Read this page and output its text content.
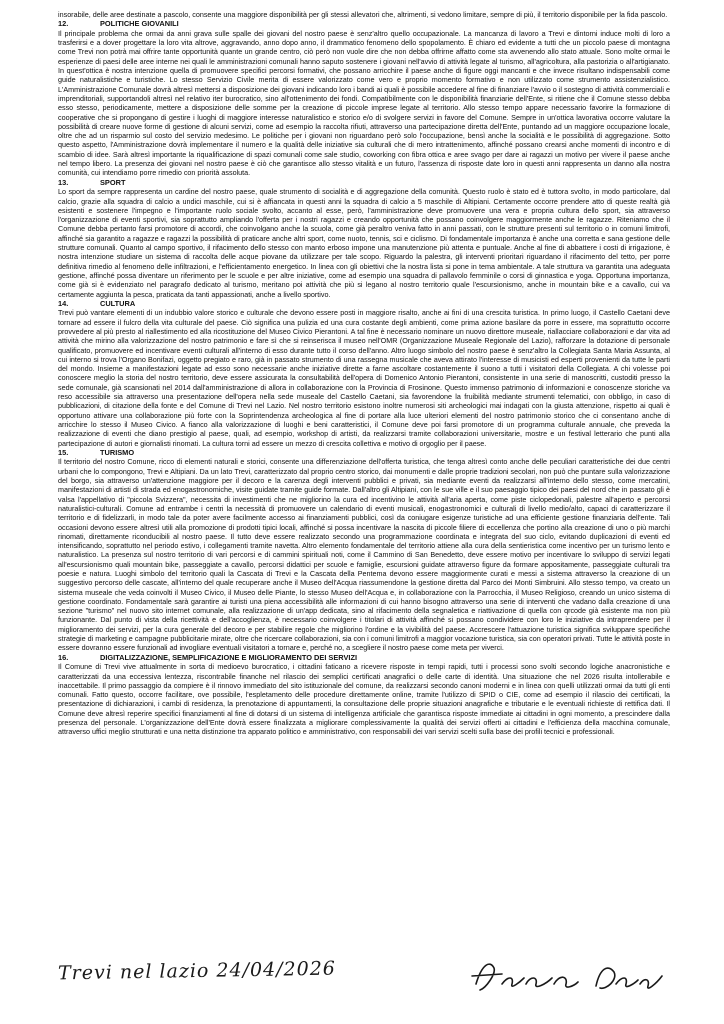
insorabile, delle aree destinate a pascolo, consente una maggiore disponibilità per gli stessi allevatori che, altrimenti, si vedono limitare, sempre di più, il territorio disponibile per la fida pascolo.

12.	POLITICHE GIOVANILI

Il principale problema che ormai da anni grava sulle spalle dei giovani del nostro paese è senz'altro quello occupazionale. La mancanza di lavoro a Trevi e dintorni induce molti di loro a trasferirsi e a dover progettare la loro vita altrove, aggravando, anno dopo anno, il drammatico fenomeno dello spopolamento. È chiaro ed evidente a tutti che un piccolo paese di montagna come Trevi non potrà mai offrire tante opportunità quante un grande centro, ciò però non vuole dire che non debba offrirne affatto come sta avvenendo allo stato attuale. Sono molte ormai le esperienze di paesi delle aree interne nei quali le amministrazioni comunali hanno saputo sostenere i giovani nell'avvio di attività legate al turismo, all'agricoltura, alla pastorizia o all'artigianato. In quest'ottica è nostra intenzione quella di promuovere specifici percorsi formativi, che possano arricchire il paese anche di figure oggi mancanti e che invece risultano indispensabili come guide naturalistiche e turistiche. Lo stesso Servizio Civile merita di essere valorizzato come vero e proprio momento formativo e non utilizzato come strumento assistenzialistico. L'Amministrazione Comunale dovrà altresì mettersi a disposizione dei giovani indicando loro i bandi ai quali è possibile accedere al fine di finanziare l'avvio o il sostegno di attività commerciali e imprenditoriali, supportandoli altresì nel relativo iter burocratico, sino all'ottenimento dei fondi. Compatibilmente con le disponibilità finanziarie dell'Ente, si ritiene che il Comune stesso debba esso stesso, periodicamente, mettere a disposizione delle somme per la creazione di piccole imprese legate al territorio. Allo stesso tempo appare necessario favorire la formazione di cooperative che si propongano di gestire i luoghi di maggiore interesse naturalistico e storico e/o di svolgere servizi in favore del Comune. Sempre in un'ottica lavorativa occorre valutare la possibilità di creare nuove forme di gestione di alcuni servizi, come ad esempio la raccolta rifiuti, attraverso una partecipazione diretta dell'Ente, puntando ad un maggiore occupazione locale, oltre che ad un risparmio sul costo del servizio medesimo. Le politiche per i giovani non riguardano però solo l'occupazione, bensì anche la socialità e le possibilità di aggregazione. Sotto questo aspetto, l'Amministrazione dovrà implementare il numero e la qualità delle iniziative sia culturali che di mero intrattenimento, affinché possano crearsi anche momenti di incontro e di scambio di idee. Sarà altresì importante la riqualificazione di spazi comunali come sale studio, coworking con fibra ottica e aree svago per dare ai ragazzi un motivo per vivere il paese anche nel tempo libero. La presenza dei giovani nel nostro paese è ciò che garantisce allo stesso vitalità e un futuro, l'assenza di risposte date loro in questi anni rappresenta un danno alla nostra comunità, cui intendiamo porre rimedio con priorità assoluta.

13.	SPORT

Lo sport da sempre rappresenta un cardine del nostro paese, quale strumento di socialità e di aggregazione della comunità. Questo ruolo è stato ed è tuttora svolto, in modo particolare, dal calcio, grazie alla squadra di calcio a undici maschile, cui si è affiancata in questi anni la squadra di calcio a 5 maschile di Altipiani. Certamente occorre prendere atto di queste realtà già esistenti e sostenere l'impegno e l'importante ruolo sociale svolto, accanto al esse, però, l'amministrazione deve promuovere una vera e propria cultura dello sport, sia attraverso l'organizzazione di eventi sportivi, sia soprattutto ampliando l'offerta per i nostri ragazzi e creando opportunità che possano coinvolgere maggiormente anche le ragazze. Riteniamo che il Comune debba pertanto farsi promotore di accordi, che coinvolgano anche la scuola, come già peraltro veniva fatto in anni passati, con le strutture presenti sul territorio o in comuni limitrofi, affinché sia garantito a ragazze e ragazzi la possibilità di praticare anche altri sport, come nuoto, tennis, sci e ciclismo. Di fondamentale importanza è anche una corretta e sana gestione delle strutture comunali. Quanto al campo sportivo, il rifacimento dello stesso con manto erboso impone una manutenzione più attenta e puntuale. Anche al fine di abbattere i costi di irrigazione, è nostra intenzione studiare un sistema di raccolta delle acque piovane da utilizzare per tale scopo. Riguardo la palestra, gli interventi prioritari riguardano il rifacimento del tetto, per porre definitiva rimedio al fenomeno delle infiltrazioni, e l'efficientamento energetico. In linea con gli obiettivi che la nostra lista si pone in tema ambientale. A tale struttura va garantita una adeguata gestione, affinché possa diventare un riferimento per le scuole e per altre iniziative, come ad esempio una squadra di pallavolo femminile o corsi di ginnastica e yoga. Opportuna importanza, come già si è evidenziato nel paragrafo dedicato al turismo, meritano poi attività che più si legano al nostro territorio quale l'escursionismo, anche in mountain bike e a cavallo, cui va certamente aggiunta la pesca, praticata da tanti appassionati, anche a livello sportivo.

14.	CULTURA

Trevi può vantare elementi di un indubbio valore storico e culturale che devono essere posti in maggiore risalto, anche ai fini di una crescita turistica. In primo luogo, il Castello Caetani deve tornare ad essere il fulcro della vita culturale del paese. Ciò significa una pulizia ed una cura costante degli ambienti, come prima azione basilare da porre in essere, ma soprattutto occorre provvedere al più presto al riallestimento ed alla ricostituzione del Museo Civico Pierantoni. A tal fine è necessario nominare un nuovo direttore museale, riallacciare collaborazioni e dar vita ad attività che mirino alla valorizzazione del nostro patrimonio e fare sì che si reinserisca il museo nell'OMR (Organizzazione Museale Regionale del Lazio), rafforzare la dotazione di personale qualificato, promuovere ed incentivare eventi culturali all'interno di esso durante tutto il corso dell'anno. Altro luogo simbolo del nostro paese è senz'altro la Collegiata Santa Maria Assunta, al cui interno si trova l'Organo Bonifazi, oggetto pregiato e raro, già in passato strumento di una rassegna musicale che aveva attirato l'interesse di musicisti ed esperti provenienti da tutte le parti del mondo. Insieme a manifestazioni legate ad esso sono necessarie anche iniziative dirette a farne ascoltare costantemente il suono a tutti i visitatori della Collegiata. A chi volesse poi conoscere meglio la storia del nostro territorio, deve essere assicurata la consultabilità dell'opera di Domenico Antonio Pierantoni, consistente in una serie di manoscritti, custoditi presso la sede comunale, già scansionati nel 2014 dall'amministrazione di allora in collaborazione con la Provincia di Frosinone. Questo immenso patrimonio di informazioni e conoscenze storiche va reso accessibile sia attraverso una presentazione dell'opera nella sede museale del Castello Caetani, sia favorendone la fruibilità mediante strumenti telematici, con obbligo, in caso di pubblicazioni, di citazione della fonte e del Comune di Trevi nel Lazio. Nel nostro territorio esistono inoltre numerosi siti archeologici mai indagati con la giusta attenzione, rispetto ai quali è opportuno attivare una collaborazione più forte con la Soprintendenza archeologica al fine di portare alla luce ulteriori elementi del nostro patrimonio storico che ci consentano anche di arricchire lo stesso il Museo Civico. A fianco alla valorizzazione di luoghi e beni caratteristici, il Comune deve poi farsi promotore di un programma culturale annuale, che preveda la realizzazione di eventi che diano prestigio al paese, quali, ad esempio, workshop di artisti, da realizzarsi tramite collaborazioni universitarie, mostre e un festival letterario che punti alla partecipazione di autori e giornalisti rinomati. La cultura torni ad essere un mezzo di crescita collettiva e motivo di orgoglio per il paese.

15.	TURISMO

Il territorio del nostro Comune, ricco di elementi naturali e storici, consente una differenziazione dell'offerta turistica, che tenga altresì conto anche delle peculiari caratteristiche dei due centri urbani che lo compongono, Trevi e Altipiani. Da un lato Trevi, caratterizzato dal proprio centro storico, dai monumenti e dalle proprie tradizioni secolari, non può che puntare sulla valorizzazione del borgo, sia attraverso un'attenzione maggiore per il decoro e la carenza degli interventi pubblici e privati, sia mediante eventi da realizzarsi all'interno dello stesso, come mercatini, manifestazioni di artisti di strada ed enogastronomiche, visite guidate tramite guide formate. Dall'altro gli Altipiani, con le sue ville e il suo paesaggio tipico dei paesi del nord che in passato gli è valsa l'appellativo di "piccola Svizzera", necessita di investimenti che ne migliorino la cura ed incentivino le attività all'aria aperta, come piste ciclopedonali, palestre all'aperto e percorsi naturalistici-culturali. Comune ad entrambe i centri la necessità di promuovere un calendario di eventi musicali, enogastronomici e culturali di livello medio/alto, capaci di caratterizzare il territorio e di fidelizzarli, in modo tale da poter avere facilmente accesso ai finanziamenti pubblici, così da coniugare esigenze turistiche ad una efficiente gestione finanziaria dell'ente. Tali occasioni devono essere altresì utili alla promozione di prodotti tipici locali, affinché si possa incentivare la nascita di piccole filiere di eccellenza che portino alla creazione di uno o più marchi rinomati, direttamente riconducibili al nostro paese. Il tutto deve essere realizzato secondo una programmazione coordinata e integrata del suo ciclo, evitando duplicazioni di eventi ed intensificando, soprattutto nel periodo estivo, i collegamenti tramite navetta. Altro elemento fondamentale del territorio attiene alla cura della sentieristica come incentivo per un turismo lento e naturalistico. La presenza sul nostro territorio di vari percorsi e di cammini spirituali noti, come il Cammino di San Benedetto, deve essere motivo per incentivare lo sviluppo di servizi legati all'escursionismo quali mountain bike, passeggiate a cavallo, percorsi didattici per scuole e famiglie, escursioni guidate attraverso figure da formare appositamente, passeggiate culturali tra poesie e natura. Luoghi simbolo del territorio quali la Cascata di Trevi e la Cascata della Pentema devono essere maggiormente curati e messi a sistema attraverso la creazione di un suggestivo percorso delle cascate, all'interno del quale recuperare anche il Museo dell'Acqua riassumendone la gestione diretta dal Parco dei Monti Simbruini. Allo stesso tempo, va creato un sistema museale che veda coinvolti il Museo Civico, il Museo delle Piante, lo stesso Museo dell'Acqua e, in collaborazione con la Parrocchia, il Museo Religioso, creando un unico sistema di gestione coordinato. Fondamentale sarà garantire ai turisti una piena accessibilità alle informazioni di cui hanno bisogno attraverso una serie di interventi che vadano dalla creazione di una sezione "turismo" nel nuovo sito internet comunale, alla realizzazione di un'app dedicata, sino al rifacimento della segnaletica e riattivazione di quella con qrcode già esistente ma non più funzionante. Dal punto di vista della ricettività e dell'accoglienza, è necessario coinvolgere i titolari di attività affinché si possano condividere con loro le iniziative da intraprendere per il miglioramento dei servizi, per la cura generale del decoro e per stabilire regole che migliorino l'ordine e la vivibilità del paese. Accrescere l'attuazione turistica significa sviluppare specifiche strategie di marketing e campagne pubblicitarie mirate, oltre che ricercare collaborazioni, sia con i comuni limitrofi a maggior vocazione turistica, sia con operatori privati. Tutte le attività poste in essere dovranno essere funzionali ad invogliare eventuali visitatori a tornare e, perché no, a scegliere il nostro paese come meta per viverci.

16.	DIGITALIZZAZIONE, SEMPLIFICAZIONE E MIGLIORAMENTO DEI SERVIZI

Il Comune di Trevi vive attualmente in sorta di medioevo burocratico, i cittadini faticano a ricevere risposte in tempi rapidi, tutti i processi sono svolti secondo logiche anacronistiche e caratterizzati da una eccessiva lentezza, riscontrabile finanche nel rilascio dei semplici certificati anagrafici o delle carte di identità. Una situazione che nel 2026 risulta intollerabile e inaccettabile. Il primo passaggio da compiere è il rinnovo immediato del sito istituzionale del comune, da realizzarsi secondo canoni moderni e in linea con quelli utilizzati ormai da tutti gli enti comunali. Fatto questo, occorre facilitare, ove possibile, l'espletamento delle procedure direttamente online, tramite l'utilizzo di SPID o CIE, come ad esempio il rilascio dei certificati, la presentazione di dichiarazioni, i cambi di residenza, la prenotazione di appuntamenti, la consultazione delle proprie situazioni anagrafiche e tributarie e le eventuali richieste di rettifica dati. Il Comune deve altresì reperire specifici finanziamenti al fine di dotarsi di un sistema di intelligenza artificiale che garantisca risposte immediate ai cittadini in ogni momento, a prescindere dalla presenza del personale. L'organizzazione dell'Ente dovrà essere finalizzata a migliorare complessivamente la qualità dei servizi offerti ai cittadini e l'efficienza della macchina comunale, attraverso uffici meglio strutturati e una netta distinzione tra apparato politico e amministrativo, con responsabili dei vari servizi scelti sulla base dei profili tecnici e professionali.

Trevi nel lazio 24/04/2026
